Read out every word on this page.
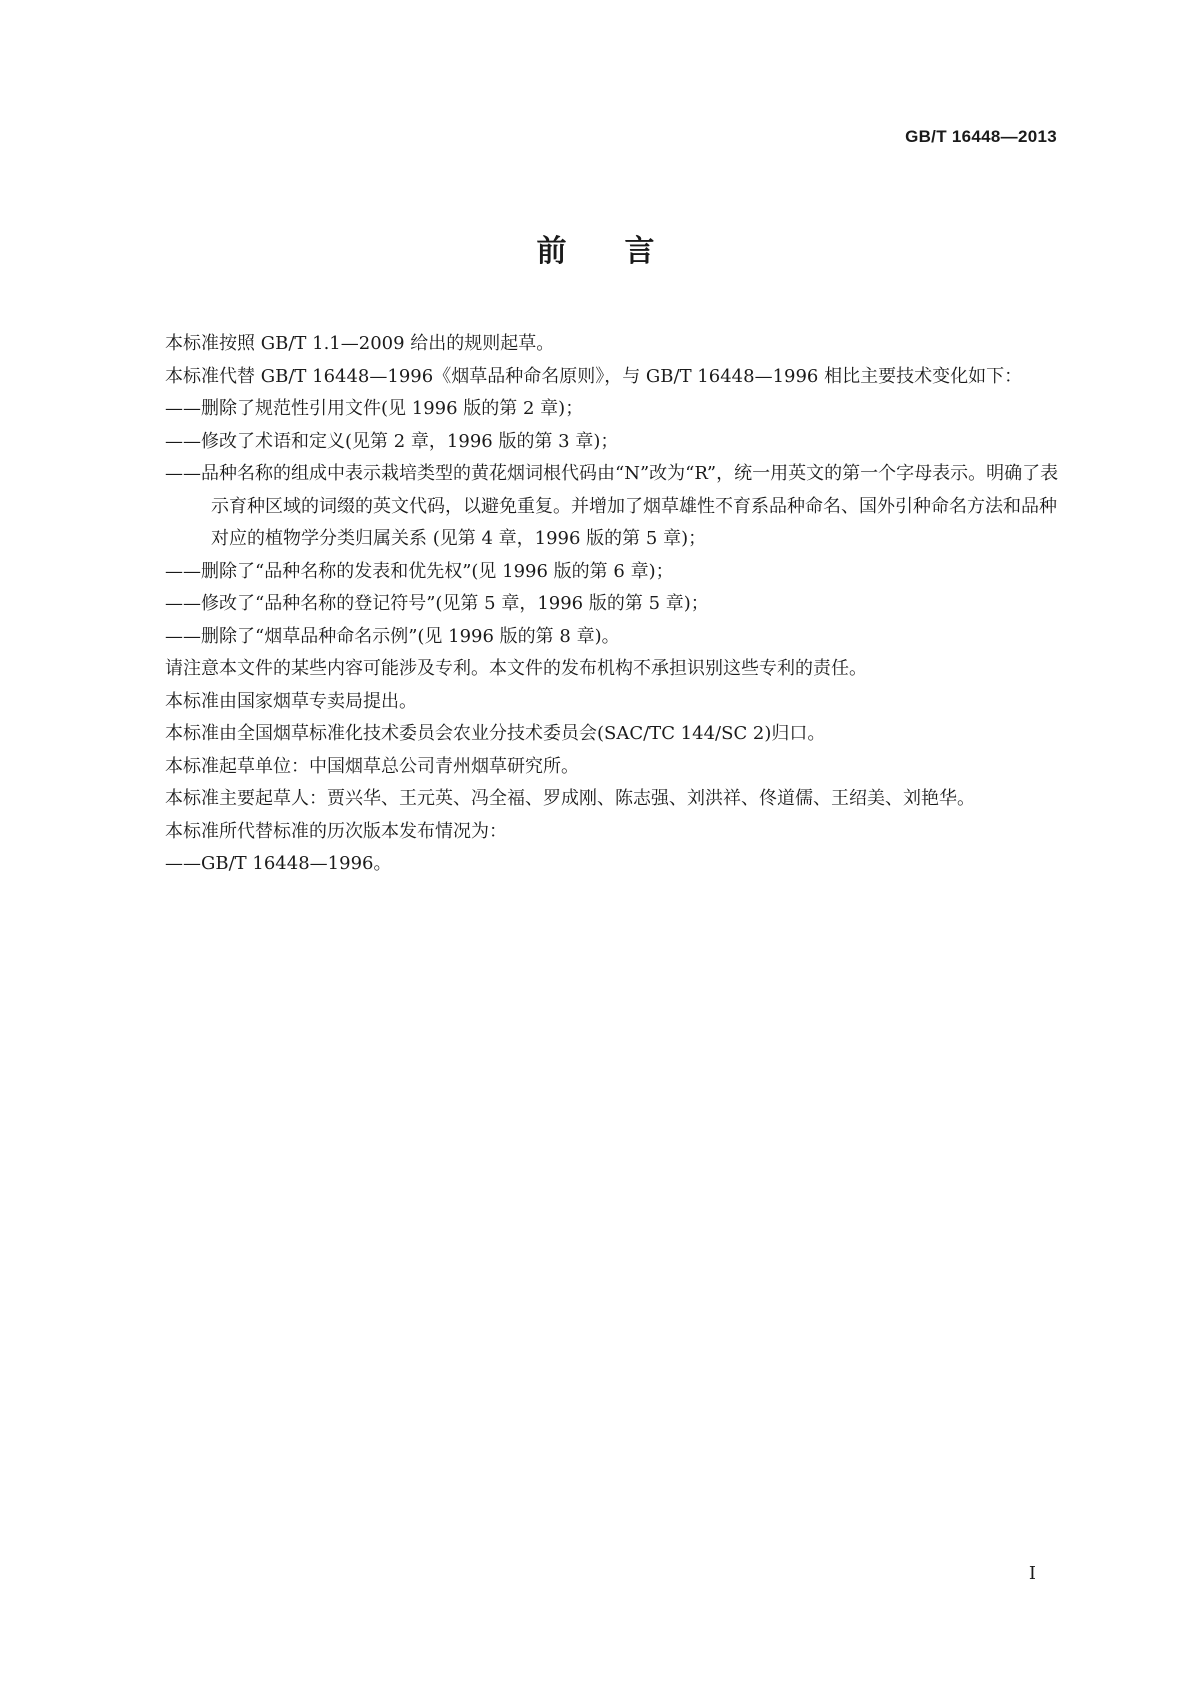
GB/T 16448—2013
前言

本标准按照 GB/T 1.1—2009 给出的规则起草。

本标准代替 GB/T 16448—1996《烟草品种命名原则》，与 GB/T 16448—1996 相比主要技术变化如下：

——删除了规范性引用文件(见 1996 版的第 2 章)；

——修改了术语和定义(见第 2 章，1996 版的第 3 章)；

——品种名称的组成中表示栽培类型的黄花烟词根代码由“N”改为“R”，统一用英文的第一个字母表示。明确了表示育种区域的词缀的英文代码，以避免重复。并增加了烟草雄性不育系品种命名、国外引种命名方法和品种对应的植物学分类归属关系 (见第 4 章，1996 版的第 5 章)；

——删除了“品种名称的发表和优先权”(见 1996 版的第 6 章)；

——修改了“品种名称的登记符号”(见第 5 章，1996 版的第 5 章)；

——删除了“烟草品种命名示例”(见 1996 版的第 8 章)。

请注意本文件的某些内容可能涉及专利。本文件的发布机构不承担识别这些专利的责任。

本标准由国家烟草专卖局提出。

本标准由全国烟草标准化技术委员会农业分技术委员会(SAC/TC 144/SC 2)归口。

本标准起草单位：中国烟草总公司青州烟草研究所。

本标准主要起草人：贾兴华、王元英、冯全福、罗成刚、陈志强、刘洪祥、佟道儒、王绍美、刘艳华。

本标准所代替标准的历次版本发布情况为：

——GB/T 16448—1996。

I
